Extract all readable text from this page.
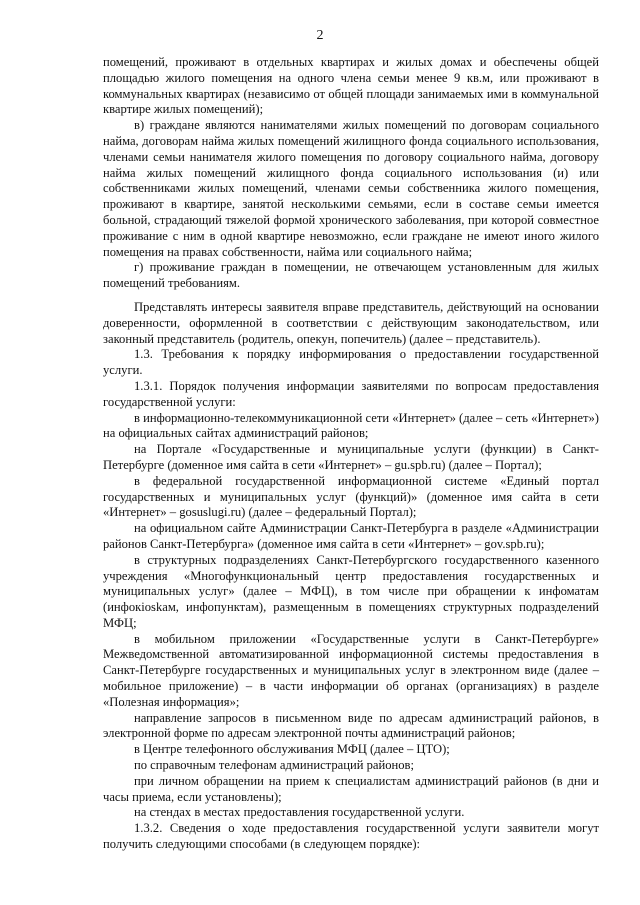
2

помещений, проживают в отдельных квартирах и жилых домах и обеспечены общей площадью жилого помещения на одного члена семьи менее 9 кв.м, или проживают в коммунальных квартирах (независимо от общей площади занимаемых ими в коммунальной квартире жилых помещений);

в) граждане являются нанимателями жилых помещений по договорам социального найма, договорам найма жилых помещений жилищного фонда социального использования, членами семьи нанимателя жилого помещения по договору социального найма, договору найма жилых помещений жилищного фонда социального использования (и) или собственниками жилых помещений, членами семьи собственника жилого помещения, проживают в квартире, занятой несколькими семьями, если в составе семьи имеется больной, страдающий тяжелой формой хронического заболевания, при которой совместное проживание с ним в одной квартире невозможно, если граждане не имеют иного жилого помещения на правах собственности, найма или социального найма;

г) проживание граждан в помещении, не отвечающем установленным для жилых помещений требованиям.

Представлять интересы заявителя вправе представитель, действующий на основании доверенности, оформленной в соответствии с действующим законодательством, или законный представитель (родитель, опекун, попечитель) (далее – представитель).

1.3. Требования к порядку информирования о предоставлении государственной услуги.

1.3.1. Порядок получения информации заявителями по вопросам предоставления государственной услуги:

в информационно-телекоммуникационной сети «Интернет» (далее – сеть «Интернет») на официальных сайтах администраций районов;

на Портале «Государственные и муниципальные услуги (функции) в Санкт-Петербурге (доменное имя сайта в сети «Интернет» – gu.spb.ru) (далее – Портал);

в федеральной государственной информационной системе «Единый портал государственных и муниципальных услуг (функций)» (доменное имя сайта в сети «Интернет» – gosuslugi.ru) (далее – федеральный Портал);

на официальном сайте Администрации Санкт-Петербурга в разделе «Администрации районов Санкт-Петербурга» (доменное имя сайта в сети «Интернет» – gov.spb.ru);

в структурных подразделениях Санкт-Петербургского государственного казенного учреждения «Многофункциональный центр предоставления государственных и муниципальных услуг» (далее – МФЦ), в том числе при обращении к инфоматам (инфокioskам, инфопунктам), размещенным в помещениях структурных подразделений МФЦ;

в мобильном приложении «Государственные услуги в Санкт-Петербурге» Межведомственной автоматизированной информационной системы предоставления в Санкт-Петербурге государственных и муниципальных услуг в электронном виде (далее – мобильное приложение) – в части информации об органах (организациях) в разделе «Полезная информация»;

направление запросов в письменном виде по адресам администраций районов, в электронной форме по адресам электронной почты администраций районов;

в Центре телефонного обслуживания МФЦ (далее – ЦТО);

по справочным телефонам администраций районов;

при личном обращении на прием к специалистам администраций районов (в дни и часы приема, если установлены);

на стендах в местах предоставления государственной услуги.

1.3.2. Сведения о ходе предоставления государственной услуги заявители могут получить следующими способами (в следующем порядке):
